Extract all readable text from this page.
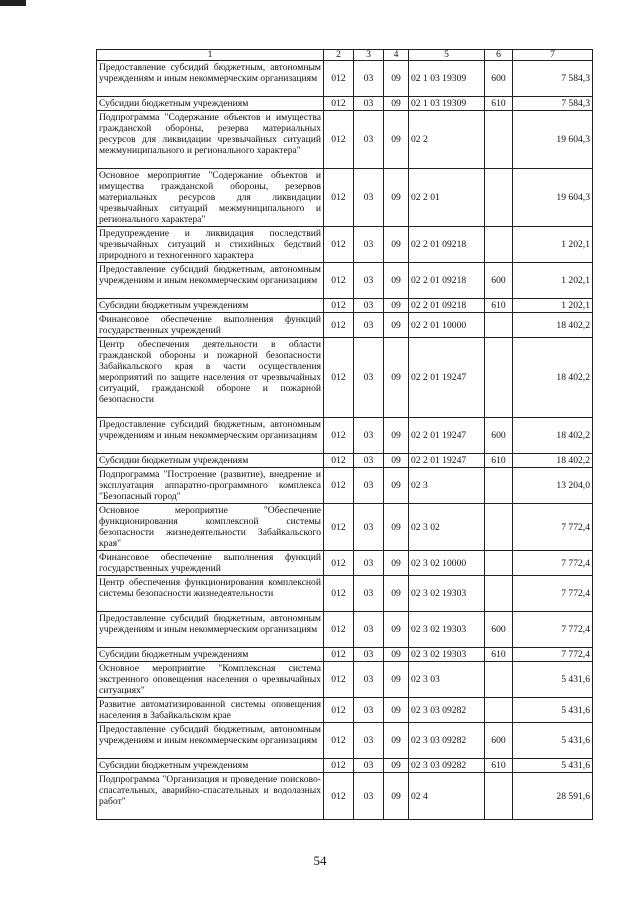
1	2	3	4	5	6	7
Предоставление субсидий бюджетным, автономным учреждениям и иным некоммерческим организациям	012	03	09	02 1 03 19309	600	7 584,3
Субсидии бюджетным учреждениям	012	03	09	02 1 03 19309	610	7 584,3
Подпрограмма "Содержание объектов и имущества гражданской обороны, резерва материальных ресурсов для ликвидации чрезвычайных ситуаций межмуниципального и регионального характера"	012	03	09	02 2		19 604,3
Основное мероприятие "Содержание объектов и имущества гражданской обороны, резервов материальных ресурсов для ликвидации чрезвычайных ситуаций межмуниципального и регионального характера"	012	03	09	02 2 01		19 604,3
Предупреждение и ликвидация последствий чрезвычайных ситуаций и стихийных бедствий природного и техногенного характера	012	03	09	02 2 01 09218		1 202,1
Предоставление субсидий бюджетным, автономным учреждениям и иным некоммерческим организациям	012	03	09	02 2 01 09218	600	1 202,1
Субсидии бюджетным учреждениям	012	03	09	02 2 01 09218	610	1 202,1
Финансовое обеспечение выполнения функций государственных учреждений	012	03	09	02 2 01 10000		18 402,2
Центр обеспечения деятельности в области гражданской обороны и пожарной безопасности Забайкальского края в части осуществления мероприятий по защите населения от чрезвычайных ситуаций, гражданской обороне и пожарной безопасности	012	03	09	02 2 01 19247		18 402,2
Предоставление субсидий бюджетным, автономным учреждениям и иным некоммерческим организациям	012	03	09	02 2 01 19247	600	18 402,2
Субсидии бюджетным учреждениям	012	03	09	02 2 01 19247	610	18 402,2
Подпрограмма "Построение (развитие), внедрение и эксплуатация аппаратно-программного комплекса "Безопасный город"	012	03	09	02 3		13 204,0
Основное мероприятие "Обеспечение функционирования комплексной системы безопасности жизнедеятельности Забайкальского края"	012	03	09	02 3 02		7 772,4
Финансовое обеспечение выполнения функций государственных учреждений	012	03	09	02 3 02 10000		7 772,4
Центр обеспечения функционирования комплексной системы безопасности жизнедеятельности	012	03	09	02 3 02 19303		7 772,4
Предоставление субсидий бюджетным, автономным учреждениям и иным некоммерческим организациям	012	03	09	02 3 02 19303	600	7 772,4
Субсидии бюджетным учреждениям	012	03	09	02 3 02 19303	610	7 772,4
Основное мероприятие "Комплексная система экстренного оповещения населения о чрезвычайных ситуациях"	012	03	09	02 3 03		5 431,6
Развитие автоматизированной системы оповещения населения в Забайкальском крае	012	03	09	02 3 03 09282		5 431,6
Предоставление субсидий бюджетным, автономным учреждениям и иным некоммерческим организациям	012	03	09	02 3 03 09282	600	5 431,6
Субсидии бюджетным учреждениям	012	03	09	02 3 03 09282	610	5 431,6
Подпрограмма "Организация и проведение поисково-спасательных, аварийно-спасательных и водолазных работ"	012	03	09	02 4		28 591,6
54
